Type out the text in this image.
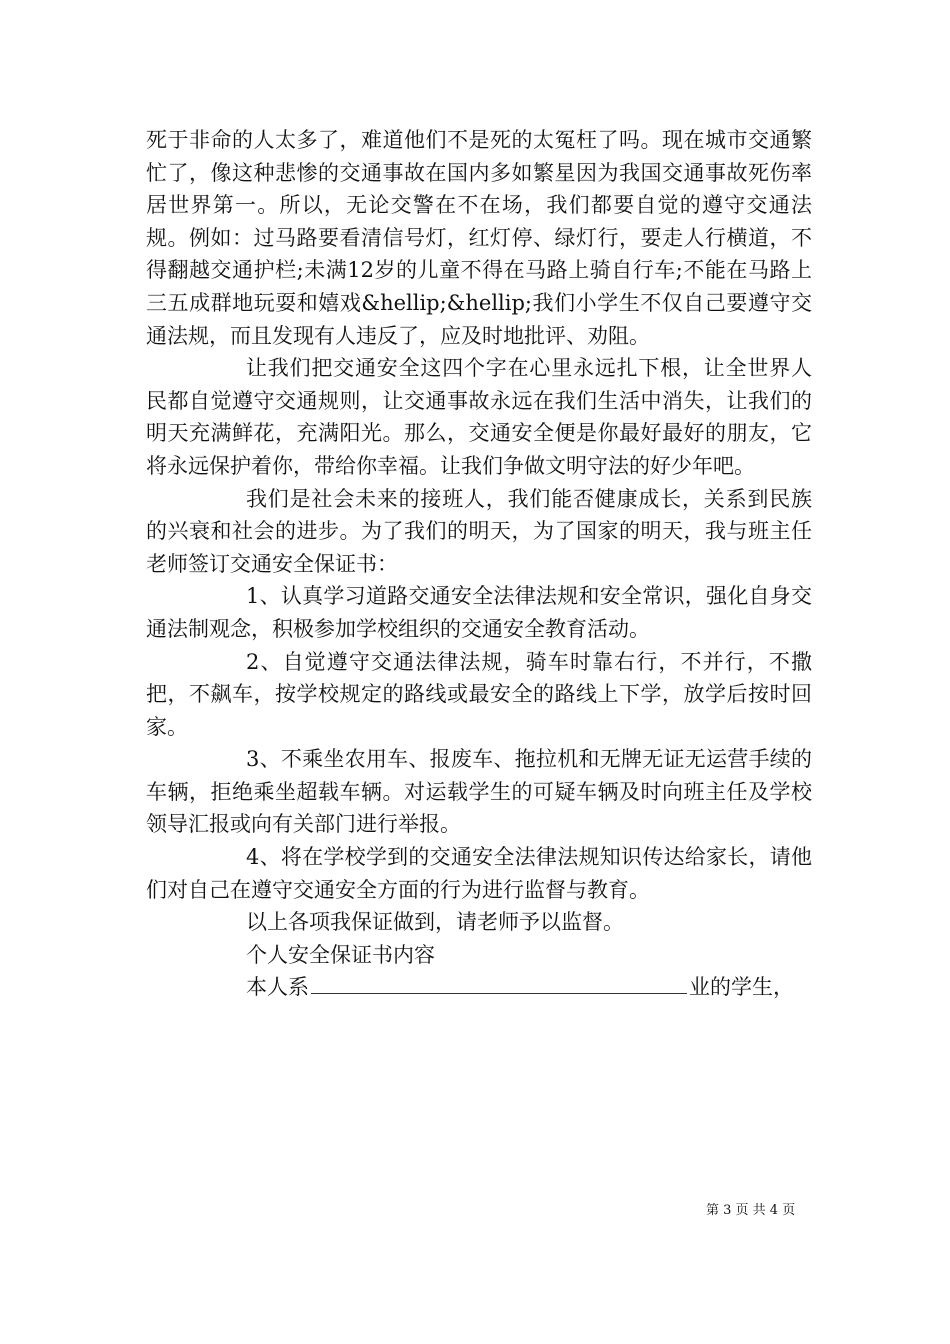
死于非命的人太多了，难道他们不是死的太冤枉了吗。现在城市交通繁忙了，像这种悲惨的交通事故在国内多如繁星因为我国交通事故死伤率居世界第一。所以，无论交警在不在场，我们都要自觉的遵守交通法规。例如：过马路要看清信号灯，红灯停、绿灯行，要走人行横道，不得翻越交通护栏;未满12岁的儿童不得在马路上骑自行车;不能在马路上三五成群地玩耍和嬉戏&hellip;&hellip;我们小学生不仅自己要遵守交通法规，而且发现有人违反了，应及时地批评、劝阻。

让我们把交通安全这四个字在心里永远扎下根，让全世界人民都自觉遵守交通规则，让交通事故永远在我们生活中消失，让我们的明天充满鲜花，充满阳光。那么，交通安全便是你最好最好的朋友，它将永远保护着你，带给你幸福。让我们争做文明守法的好少年吧。

我们是社会未来的接班人，我们能否健康成长，关系到民族的兴衰和社会的进步。为了我们的明天，为了国家的明天，我与班主任老师签订交通安全保证书：

1、认真学习道路交通安全法律法规和安全常识，强化自身交通法制观念，积极参加学校组织的交通安全教育活动。

2、自觉遵守交通法律法规，骑车时靠右行，不并行，不撒把，不飙车，按学校规定的路线或最安全的路线上下学，放学后按时回家。

3、不乘坐农用车、报废车、拖拉机和无牌无证无运营手续的车辆，拒绝乘坐超载车辆。对运载学生的可疑车辆及时向班主任及学校领导汇报或向有关部门进行举报。

4、将在学校学到的交通安全法律法规知识传达给家长，请他们对自己在遵守交通安全方面的行为进行监督与教育。

以上各项我保证做到，请老师予以监督。

个人安全保证书内容

本人系	业的学生，

第 3 页 共 4 页
